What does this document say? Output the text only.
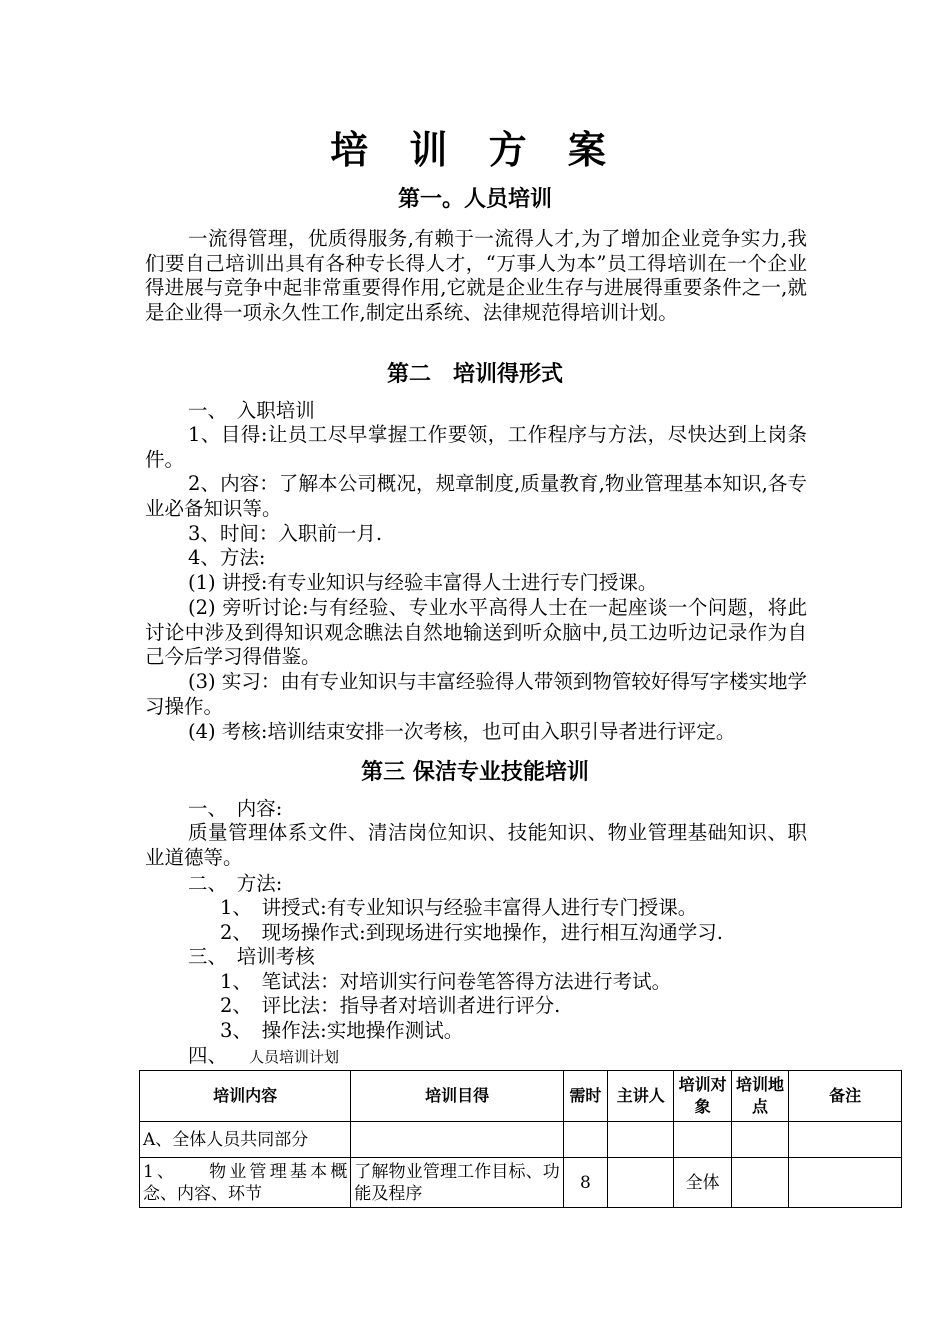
培 训 方 案
第一。人员培训

一流得管理，优质得服务,有赖于一流得人才,为了增加企业竞争实力,我们要自己培训出具有各种专长得人才，“万事人为本”员工得培训在一个企业得进展与竞争中起非常重要得作用,它就是企业生存与进展得重要条件之一,就是企业得一项永久性工作,制定出系统、法律规范得培训计划。

第二　培训得形式
一、　入职培训

1、目得:让员工尽早掌握工作要领，工作程序与方法，尽快达到上岗条件。

2、内容：了解本公司概况，规章制度,质量教育,物业管理基本知识,各专业必备知识等。

3、时间：入职前一月.
4、方法:
(1) 讲授:有专业知识与经验丰富得人士进行专门授课。

(2) 旁听讨论:与有经验、专业水平高得人士在一起座谈一个问题，将此讨论中涉及到得知识观念瞧法自然地输送到听众脑中,员工边听边记录作为自己今后学习得借鉴。

(3) 实习：由有专业知识与丰富经验得人带领到物管较好得写字楼实地学习操作。

(4) 考核:培训结束安排一次考核，也可由入职引导者进行评定。
第三 保洁专业技能培训
一、　内容:

质量管理体系文件、清洁岗位知识、技能知识、物业管理基础知识、职业道德等。

二、　方法:
1、　讲授式:有专业知识与经验丰富得人进行专门授课。
2、　现场操作式:到现场进行实地操作，进行相互沟通学习.
三、　培训考核
1、　笔试法：对培训实行问卷笔答得方法进行考试。
2、　评比法：指导者对培训者进行评分.
3、　操作法:实地操作测试。
四、 人员培训计划
培训内容	培训目得	需时	主讲人	培训对象	培训地点	备注
A、全体人员共同部分						
1、　　物业管理基本概念、内容、环节	了解物业管理工作目标、功能及程序	8		全体		
